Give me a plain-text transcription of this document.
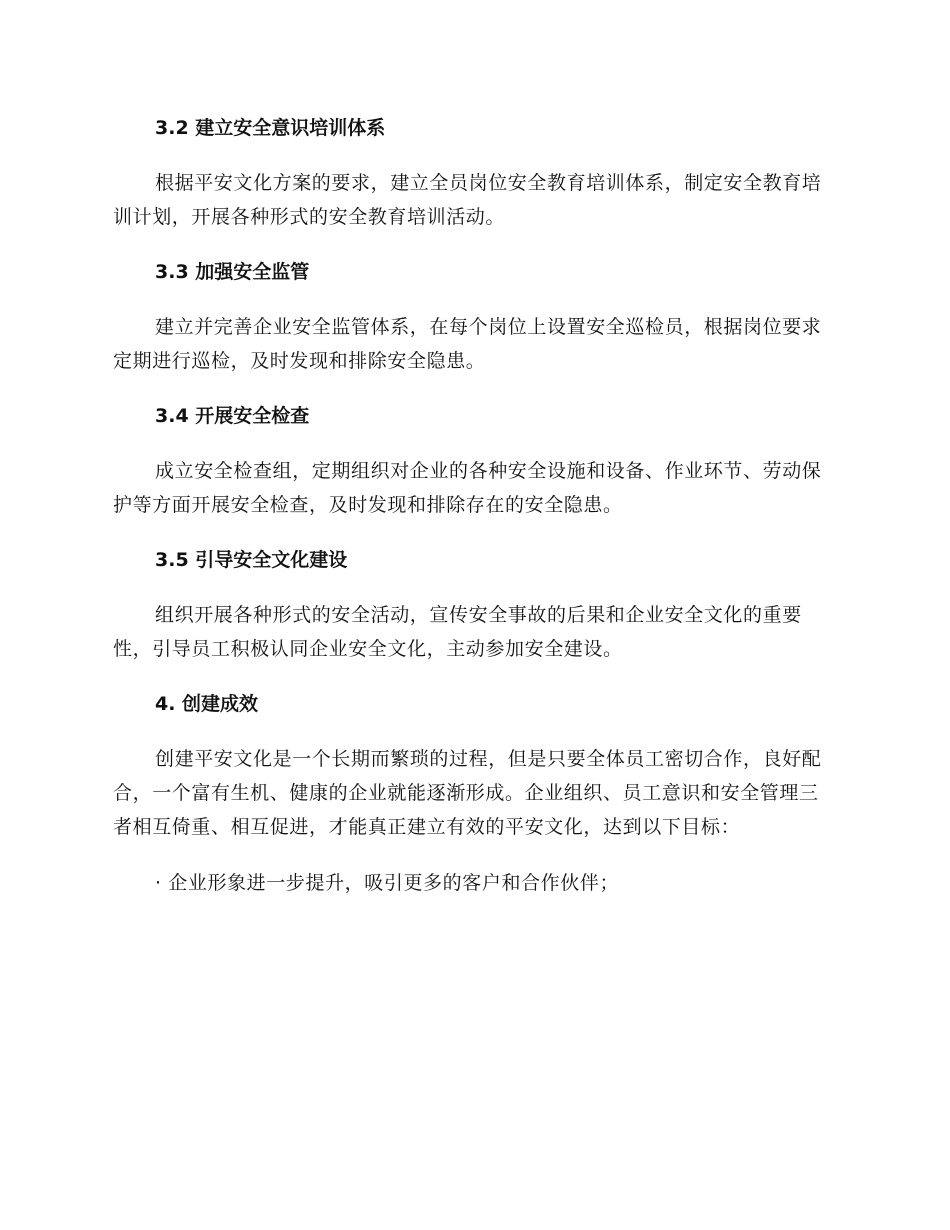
3.2 建立安全意识培训体系

根据平安文化方案的要求，建立全员岗位安全教育培训体系，制定安全教育培训计划，开展各种形式的安全教育培训活动。

3.3 加强安全监管

建立并完善企业安全监管体系，在每个岗位上设置安全巡检员，根据岗位要求定期进行巡检，及时发现和排除安全隐患。

3.4 开展安全检查

成立安全检查组，定期组织对企业的各种安全设施和设备、作业环节、劳动保护等方面开展安全检查，及时发现和排除存在的安全隐患。

3.5 引导安全文化建设

组织开展各种形式的安全活动，宣传安全事故的后果和企业安全文化的重要性，引导员工积极认同企业安全文化，主动参加安全建设。

4. 创建成效

创建平安文化是一个长期而繁琐的过程，但是只要全体员工密切合作，良好配合，一个富有生机、健康的企业就能逐渐形成。企业组织、员工意识和安全管理三者相互倚重、相互促进，才能真正建立有效的平安文化，达到以下目标：

· 企业形象进一步提升，吸引更多的客户和合作伙伴；
